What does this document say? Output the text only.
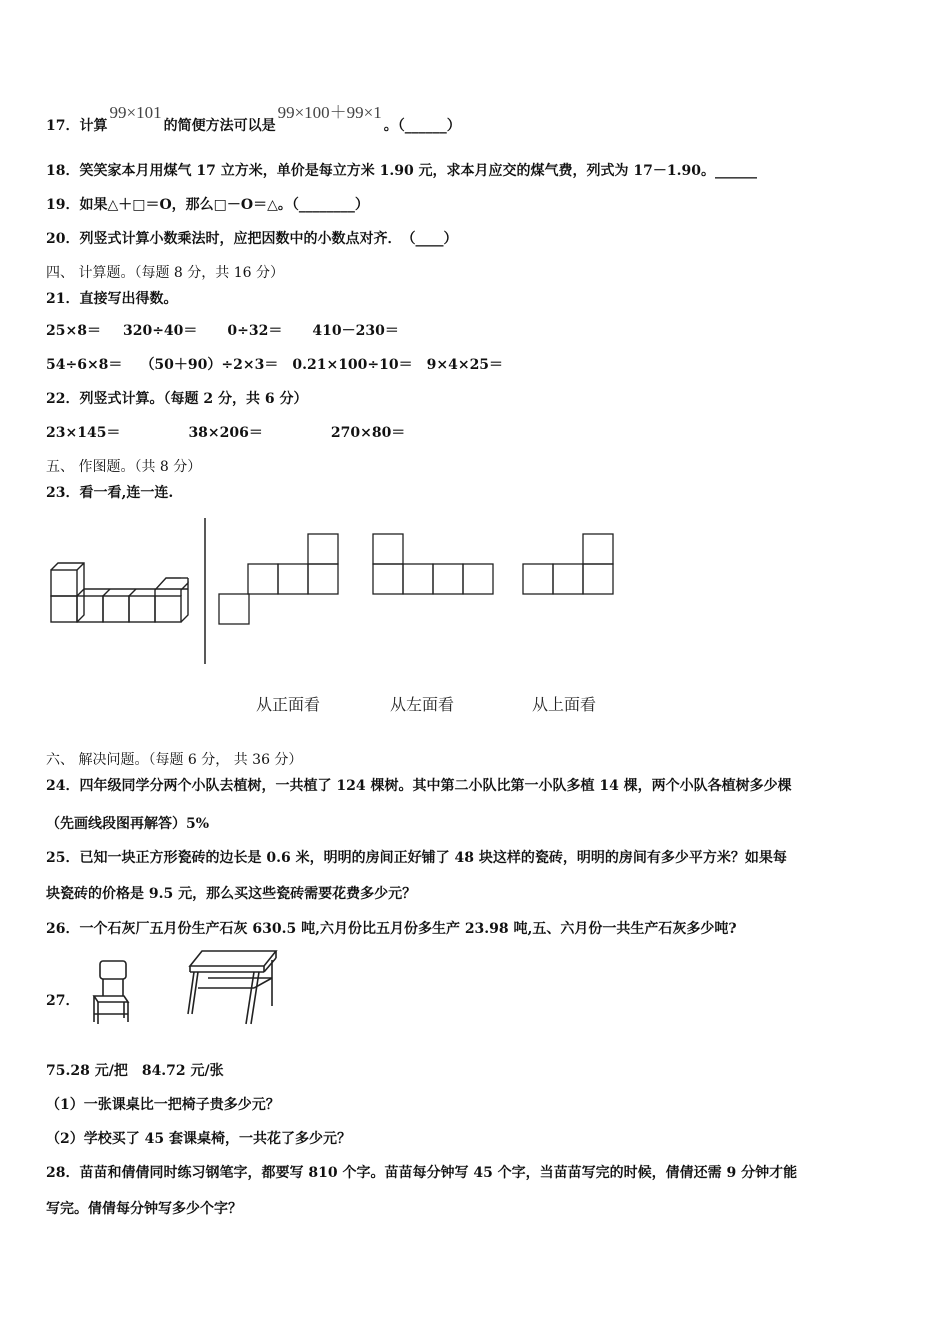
17．计算99×101的简便方法可以是99×100＋99×1。（______）
18．笑笑家本月用煤气 17 立方米，单价是每立方米 1.90 元，求本月应交的煤气费，列式为 17－1.90。______
19．如果△＋□＝O，那么□－O＝△。（________）
20．列竖式计算小数乘法时，应把因数中的小数点对齐．　（____）
四、 计算题。（每题 8 分，共 16 分）
21．直接写出得数。
25×8＝ 320÷40＝ 0÷32＝ 410－230＝
54÷6×8＝ （50＋90）÷2×3＝ 0.21×100÷10＝ 9×4×25＝
22．列竖式计算。（每题 2 分，共 6 分）
23×145＝	38×206＝	270×80＝
五、 作图题。（共 8 分）
23．看一看,连一连.
从正面看	从左面看	从上面看
六、 解决问题。（每题 6 分， 共 36 分）
24．四年级同学分两个小队去植树，一共植了 124 棵树。其中第二小队比第一小队多植 14 棵，两个小队各植树多少棵
（先画线段图再解答）5%
25．已知一块正方形瓷砖的边长是 0.6 米，明明的房间正好铺了 48 块这样的瓷砖，明明的房间有多少平方米？如果每
块瓷砖的价格是 9.5 元，那么买这些瓷砖需要花费多少元？
26．一个石灰厂五月份生产石灰 630.5 吨,六月份比五月份多生产 23.98 吨,五、六月份一共生产石灰多少吨?
27．
75.28 元/把　84.72 元/张
（1）一张课桌比一把椅子贵多少元？
（2）学校买了 45 套课桌椅，一共花了多少元？
28．苗苗和倩倩同时练习钢笔字，都要写 810 个字。苗苗每分钟写 45 个字，当苗苗写完的时候，倩倩还需 9 分钟才能
写完。倩倩每分钟写多少个字？
